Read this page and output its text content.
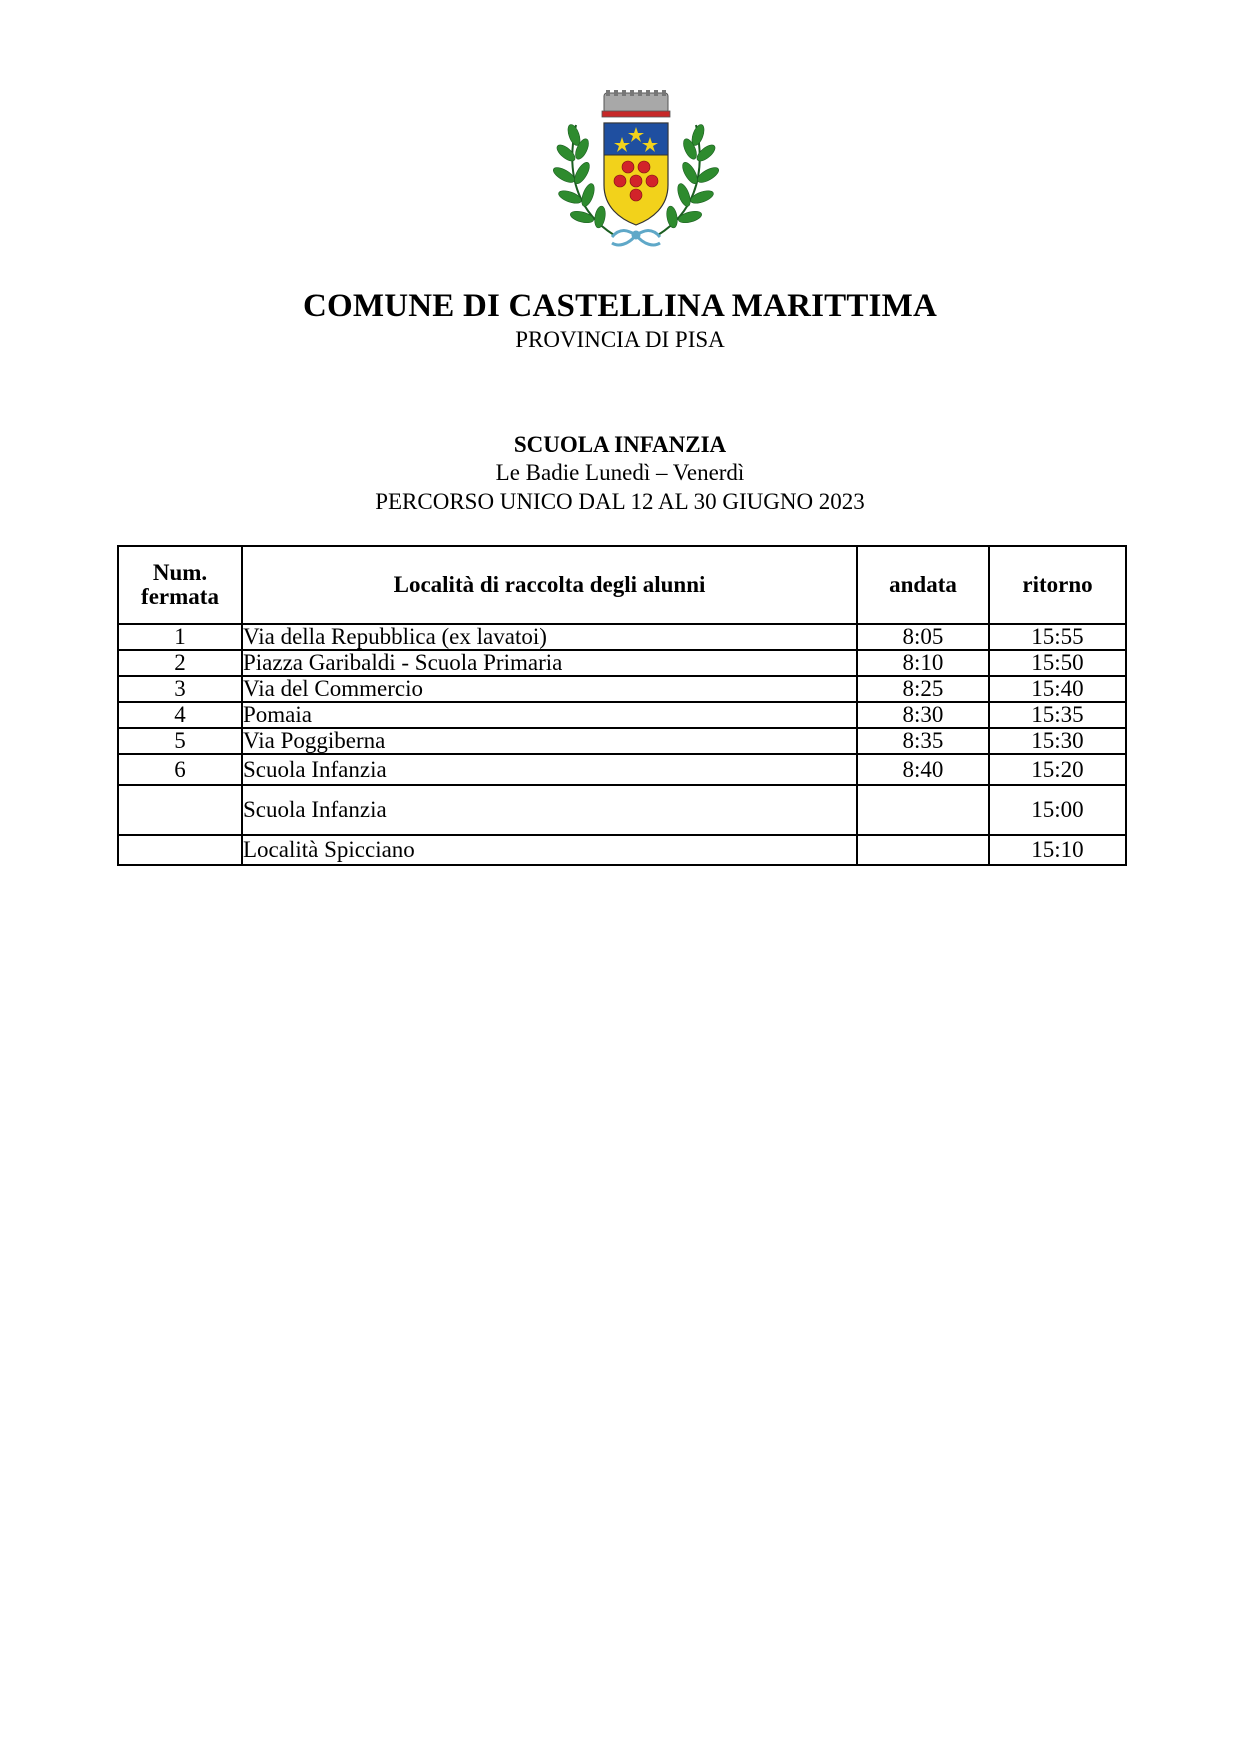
COMUNE DI CASTELLINA MARITTIMA
PROVINCIA DI PISA
SCUOLA INFANZIA
Le Badie Lunedì – Venerdì
PERCORSO UNICO DAL 12 AL 30 GIUGNO 2023
Num.
fermata	Località di raccolta degli alunni	andata	ritorno
1	Via della Repubblica (ex lavatoi)	8:05	15:55
2	Piazza Garibaldi - Scuola Primaria	8:10	15:50
3	Via del Commercio	8:25	15:40
4	Pomaia	8:30	15:35
5	Via Poggiberna	8:35	15:30
6	Scuola Infanzia	8:40	15:20
	Scuola Infanzia		15:00
	Località Spicciano		15:10
